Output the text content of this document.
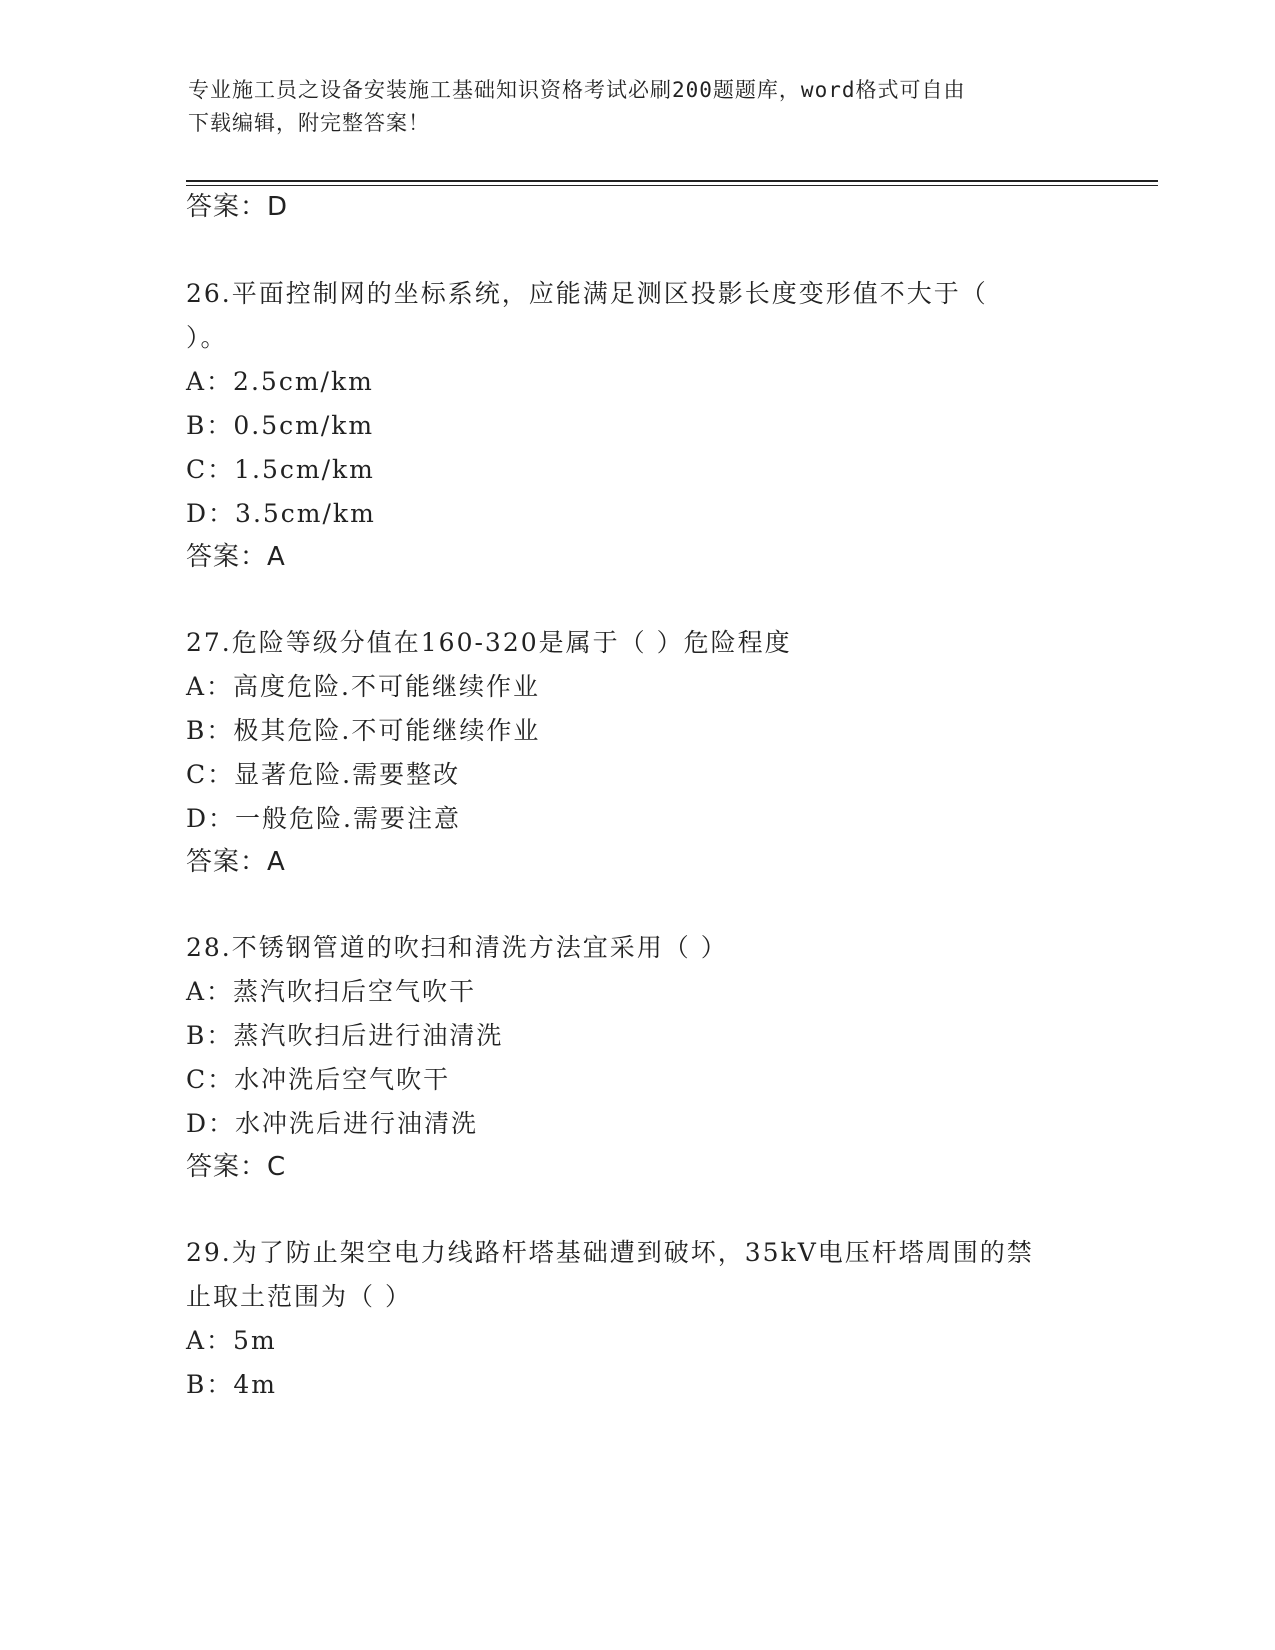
专业施工员之设备安装施工基础知识资格考试必刷200题题库，word格式可自由
下载编辑，附完整答案！
答案：D
26.平面控制网的坐标系统，应能满足测区投影长度变形值不大于（
）。
A：2.5cm/km
B：0.5cm/km
C：1.5cm/km
D：3.5cm/km
答案：A
27.危险等级分值在160-320是属于（ ）危险程度
A：高度危险.不可能继续作业
B：极其危险.不可能继续作业
C：显著危险.需要整改
D：一般危险.需要注意
答案：A
28.不锈钢管道的吹扫和清洗方法宜采用（ ）
A：蒸汽吹扫后空气吹干
B：蒸汽吹扫后进行油清洗
C：水冲洗后空气吹干
D：水冲洗后进行油清洗
答案：C
29.为了防止架空电力线路杆塔基础遭到破坏，35kV电压杆塔周围的禁
止取土范围为（ ）
A：5m
B：4m
